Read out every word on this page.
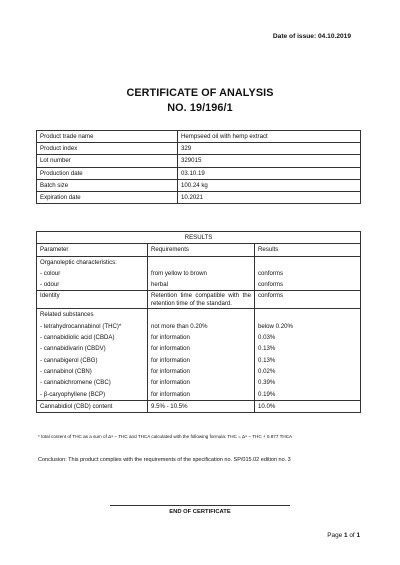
Date of issue: 04.10.2019
CERTIFICATE OF ANALYSIS
NO. 19/196/1
Product trade name	Hempseed oil with hemp extract
Product index	329
Lot number	329015
Production date	03.10.19
Batch size	100.24 kg
Expiration date	10.2021
RESULTS		
Parameter	Requirements	Results
Organoleptic characteristics:		
- colour	from yellow to brown	conforms
- odour	herbal	conforms
Identity	Retention time compatible with the retention time of the standard.	conforms
Related substances		
- tetrahydrocannabinol (THC)*	not more than 0.20%	below 0.20%
- cannabidiolic acid (CBDA)	for information	0.03%
- cannabidivarin (CBDV)	for information	0.13%
- cannabigerol (CBG)	for information	0.13%
- cannabinol (CBN)	for information	0.02%
- cannabichromene (CBC)	for information	0.39%
- β-caryophyllene (BCP)	for information	0.19%
Cannabidiol (CBD) content	9.5% - 10.5%	10.0%
* total content of THC as a sum of Δ⁹ – THC and THCA calculated with the following formula: THC = Δ⁹ – THC + 0.877 THCA
Conclusion: This product complies with the requirements of the specification no. SP/015.02 edition no. 3
END OF CERTIFICATE
Page 1 of 1
